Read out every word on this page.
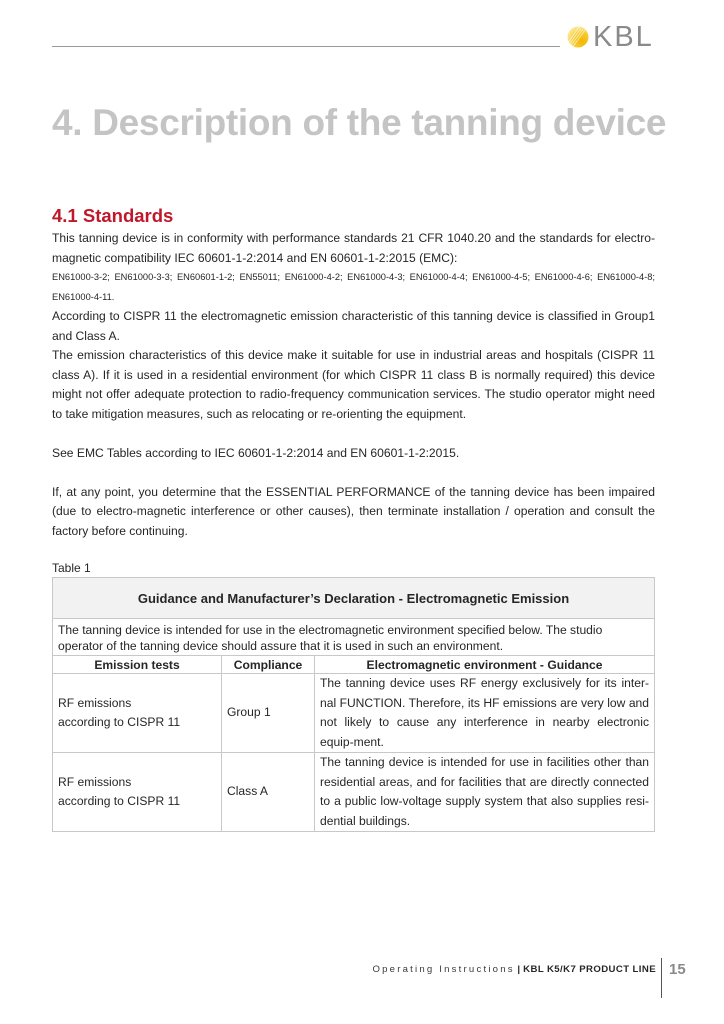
KBL
4. Description of the tanning device
4.1 Standards

This tanning device is in conformity with performance standards 21 CFR 1040.20 and the standards for electro-magnetic compatibility IEC 60601-1-2:2014 and EN 60601-1-2:2015 (EMC):

EN61000-3-2; EN61000-3-3; EN60601-1-2; EN55011; EN61000-4-2; EN61000-4-3; EN61000-4-4; EN61000-4-5; EN61000-4-6; EN61000-4-8; EN61000-4-11.

According to CISPR 11 the electromagnetic emission characteristic of this tanning device is classified in Group1 and Class A.

The emission characteristics of this device make it suitable for use in industrial areas and hospitals (CISPR 11 class A). If it is used in a residential environment (for which CISPR 11 class B is normally required) this device might not offer adequate protection to radio-frequency communication services. The studio operator might need to take mitigation measures, such as relocating or re-orienting the equipment.

See EMC Tables according to IEC 60601-1-2:2014 and EN 60601-1-2:2015.

If, at any point, you determine that the ESSENTIAL PERFORMANCE of the tanning device has been impaired (due to electro-magnetic interference or other causes), then terminate installation / operation and consult the factory before continuing.

Table 1
Guidance and Manufacturer’s Declaration - Electromagnetic Emission		
The tanning device is intended for use in the electromagnetic environment specified below. The studio operator of the tanning device should assure that it is used in such an environment.		
Emission tests	Compliance	Electromagnetic environment - Guidance

RF emissions
according to CISPR 11	Group 1	The tanning device uses RF energy exclusively for its inter-nal FUNCTION. Therefore, its HF emissions are very low and not likely to cause any interference in nearby electronic equip-ment.

RF emissions
according to CISPR 11	Class A	The tanning device is intended for use in facilities other than residential areas, and for facilities that are directly connected to a public low-voltage supply system that also supplies resi-dential buildings.
Operating Instructions | KBL K5/K7 PRODUCT LINE 15
